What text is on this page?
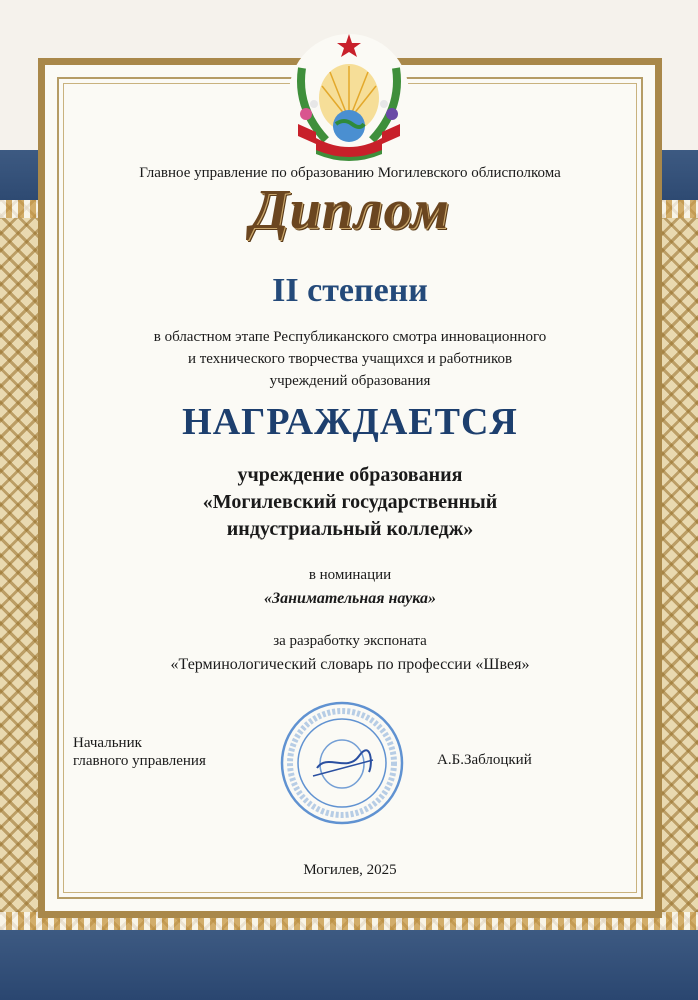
Главное управление по образованию Могилевского облисполкома
Диплом
II степени
в областном этапе Республиканского смотра инновационного
и технического творчества учащихся и работников
учреждений образования
НАГРАЖДАЕТСЯ
учреждение образования
«Могилевский государственный
индустриальный колледж»
в номинации
«Занимательная наука»
за разработку экспоната
«Терминологический словарь по профессии «Швея»
Начальник
главного управления	А.Б.Заблоцкий
Могилев, 2025
